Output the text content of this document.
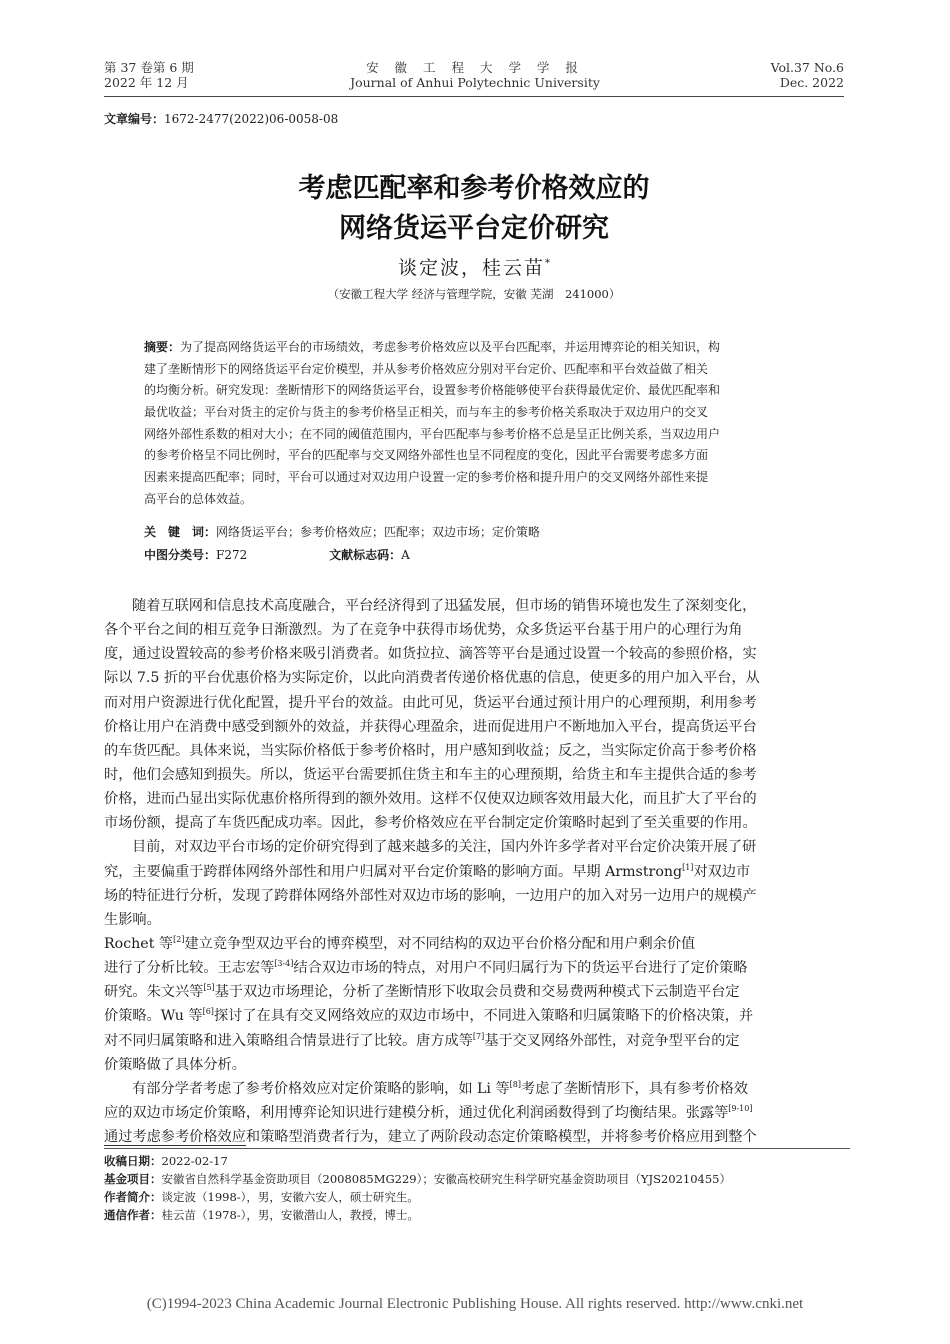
第 37 卷第 6 期
2022 年 12 月
安 徽 工 程 大 学 学 报
Journal of Anhui Polytechnic University
Vol.37 No.6
Dec. 2022
文章编号：1672-2477(2022)06-0058-08
考虑匹配率和参考价格效应的
网络货运平台定价研究
谈定波，桂云苗*
（安徽工程大学 经济与管理学院，安徽 芜湖　241000）
摘要：为了提高网络货运平台的市场绩效，考虑参考价格效应以及平台匹配率，并运用博弈论的相关知识，构
建了垄断情形下的网络货运平台定价模型，并从参考价格效应分别对平台定价、匹配率和平台效益做了相关
的均衡分析。研究发现：垄断情形下的网络货运平台，设置参考价格能够使平台获得最优定价、最优匹配率和
最优收益；平台对货主的定价与货主的参考价格呈正相关，而与车主的参考价格关系取决于双边用户的交叉
网络外部性系数的相对大小；在不同的阈值范围内，平台匹配率与参考价格不总是呈正比例关系，当双边用户
的参考价格呈不同比例时，平台的匹配率与交叉网络外部性也呈不同程度的变化，因此平台需要考虑多方面
因素来提高匹配率；同时，平台可以通过对双边用户设置一定的参考价格和提升用户的交叉网络外部性来提
高平台的总体效益。
关　键　词：网络货运平台；参考价格效应；匹配率；双边市场；定价策略
中图分类号：F272	文献标志码：A
随着互联网和信息技术高度融合，平台经济得到了迅猛发展，但市场的销售环境也发生了深刻变化，
各个平台之间的相互竞争日渐激烈。为了在竞争中获得市场优势，众多货运平台基于用户的心理行为角
度，通过设置较高的参考价格来吸引消费者。如货拉拉、滴答等平台是通过设置一个较高的参照价格，实
际以 7.5 折的平台优惠价格为实际定价，以此向消费者传递价格优惠的信息，使更多的用户加入平台，从
而对用户资源进行优化配置，提升平台的效益。由此可见，货运平台通过预计用户的心理预期，利用参考
价格让用户在消费中感受到额外的效益，并获得心理盈余，进而促进用户不断地加入平台，提高货运平台
的车货匹配。具体来说，当实际价格低于参考价格时，用户感知到收益；反之，当实际定价高于参考价格
时，他们会感知到损失。所以，货运平台需要抓住货主和车主的心理预期，给货主和车主提供合适的参考
价格，进而凸显出实际优惠价格所得到的额外效用。这样不仅使双边顾客效用最大化，而且扩大了平台的
市场份额，提高了车货匹配成功率。因此，参考价格效应在平台制定定价策略时起到了至关重要的作用。
目前，对双边平台市场的定价研究得到了越来越多的关注，国内外许多学者对平台定价决策开展了研
究，主要偏重于跨群体网络外部性和用户归属对平台定价策略的影响方面。早期 Armstrong[1]对双边市
场的特征进行分析，发现了跨群体网络外部性对双边市场的影响，一边用户的加入对另一边用户的规模产
生影响。
Rochet 等[2]建立竞争型双边平台的博弈模型，对不同结构的双边平台价格分配和用户剩余价值
进行了分析比较。王志宏等[3-4]结合双边市场的特点，对用户不同归属行为下的货运平台进行了定价策略
研究。朱文兴等[5]基于双边市场理论，分析了垄断情形下收取会员费和交易费两种模式下云制造平台定
价策略。Wu 等[6]探讨了在具有交叉网络效应的双边市场中，不同进入策略和归属策略下的价格决策，并
对不同归属策略和进入策略组合情景进行了比较。唐方成等[7]基于交叉网络外部性，对竞争型平台的定
价策略做了具体分析。
有部分学者考虑了参考价格效应对定价策略的影响，如 Li 等[8]考虑了垄断情形下，具有参考价格效
应的双边市场定价策略，利用博弈论知识进行建模分析，通过优化利润函数得到了均衡结果。张露等[9-10]
通过考虑参考价格效应和策略型消费者行为，建立了两阶段动态定价策略模型，并将参考价格应用到整个
收稿日期：2022-02-17
基金项目：安徽省自然科学基金资助项目（2008085MG229）；安徽高校研究生科学研究基金资助项目（YJS20210455）
作者简介：谈定波（1998-），男，安徽六安人，硕士研究生。
通信作者：桂云苗（1978-），男，安徽潜山人，教授，博士。
(C)1994-2023 China Academic Journal Electronic Publishing House. All rights reserved. http://www.cnki.net
